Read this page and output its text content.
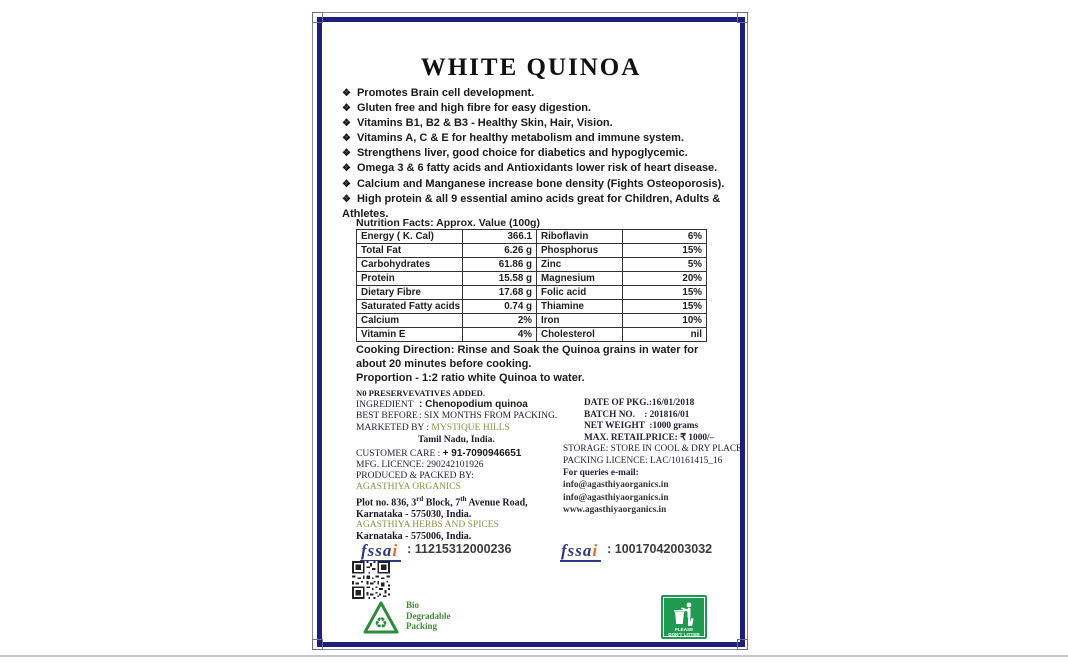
WHITE QUINOA
❖ Promotes Brain cell development.
❖ Gluten free and high fibre for easy digestion.
❖ Vitamins B1, B2 & B3 - Healthy Skin, Hair, Vision.
❖ Vitamins A, C & E for healthy metabolism and immune system.
❖ Strengthens liver, good choice for diabetics and hypoglycemic.
❖ Omega 3 & 6 fatty acids and Antioxidants lower risk of heart disease.
❖ Calcium and Manganese increase bone density (Fights Osteoporosis).
❖ High protein & all 9 essential amino acids great for Children, Adults & Athletes.
Nutrition Facts: Approx. Value (100g)
Energy ( K. Cal)	366.1	Riboflavin	6%
Total Fat	6.26 g	Phosphorus	15%
Carbohydrates	61.86 g	Zinc	5%
Protein	15.58 g	Magnesium	20%
Dietary Fibre	17.68 g	Folic acid	15%
Saturated Fatty acids	0.74 g	Thiamine	15%
Calcium	2%	Iron	10%
Vitamin E	4%	Cholesterol	nil
Cooking Direction: Rinse and Soak the Quinoa grains in water for about 20 minutes before cooking.
Proportion - 1:2 ratio white Quinoa to water.
N0 PRESERVEVATIVES ADDED.
INGREDIENT : Chenopodium quinoa
BEST BEFORE: SIX MONTHS FROM PACKING.
MARKETED BY : MYSTIQUE HILLS
Tamil Nadu, India.
CUSTOMER CARE : + 91-7090946651
MFG. LICENCE: 290242101926
PRODUCED & PACKED BY:
AGASTHIYA ORGANICS
Plot no. 836, 3rd Block, 7th Avenue Road,
Karnataka - 575030, India.
AGASTHIYA HERBS AND SPICES
Karnataka - 575006, India.
DATE OF PKG.:16/01/2018
BATCH NO.    : 201816/01
NET WEIGHT  :1000 grams
MAX. RETAILPRICE: ₹ 1000/–
STORAGE: STORE IN COOL & DRY PLACE
PACKING LICENCE: LAC/10161415_16
For queries e-mail:
info@agasthiyaorganics.in
info@agasthiyaorganics.in
www.agasthiyaorganics.in
fssai : 11215312000236	fssai : 10017042003032
♻
Bio
Degradable
Packing	PLEASE
DON'T LITTER
